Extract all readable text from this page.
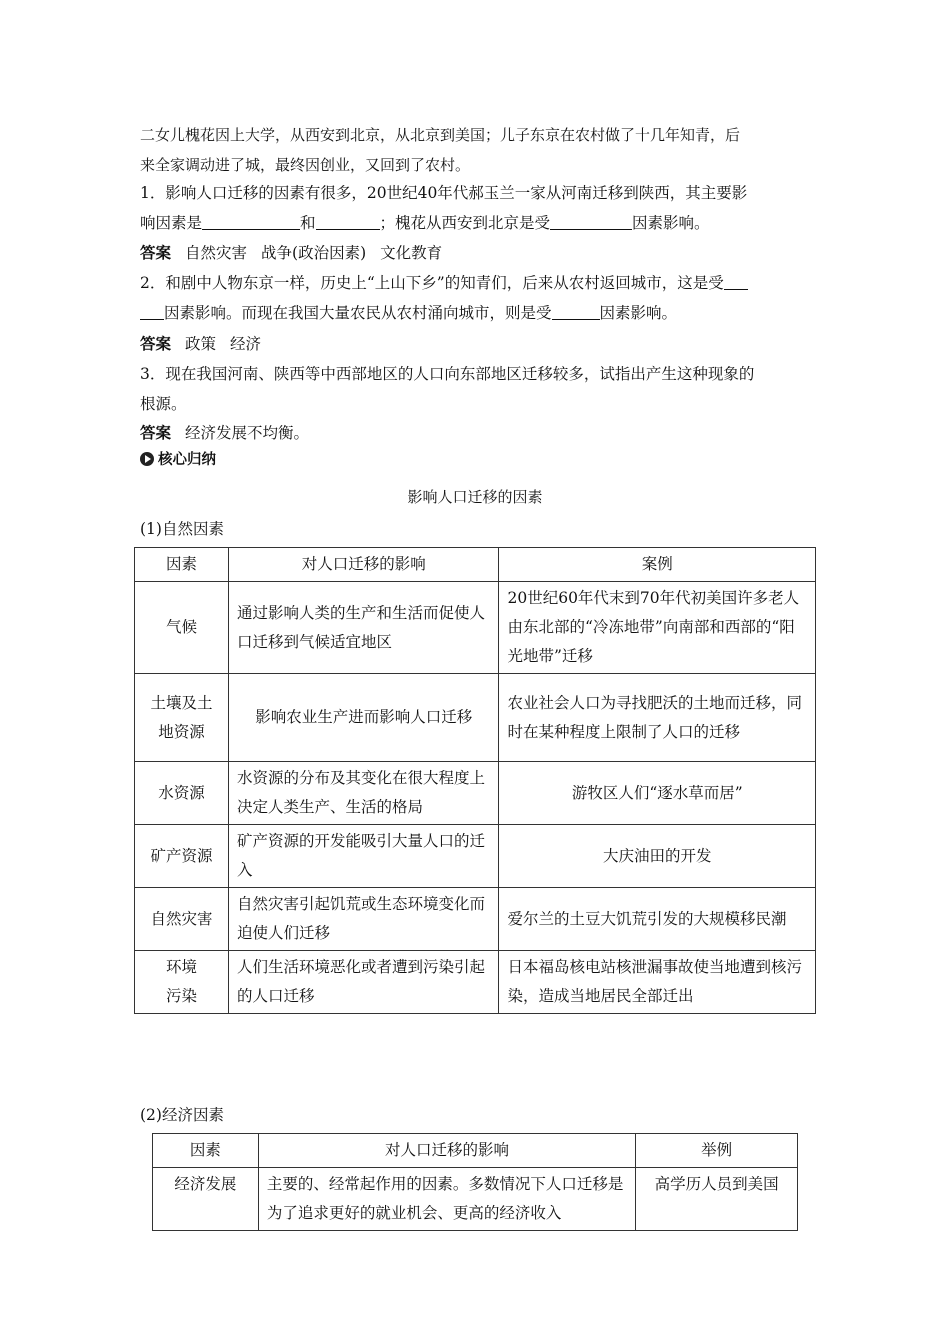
二女儿槐花因上大学，从西安到北京，从北京到美国；儿子东京在农村做了十几年知青，后
来全家调动进了城，最终因创业，又回到了农村。
1．影响人口迁移的因素有很多，20世纪40年代郝玉兰一家从河南迁移到陕西，其主要影
响因素是	和	；槐花从西安到北京是受	因素影响。
答案 自然灾害 战争(政治因素) 文化教育
2．和剧中人物东京一样，历史上“上山下乡”的知青们，后来从农村返回城市，这是受
因素影响。而现在我国大量农民从农村涌向城市，则是受	因素影响。
答案 政策 经济
3．现在我国河南、陕西等中西部地区的人口向东部地区迁移较多，试指出产生这种现象的
根源。
答案 经济发展不均衡。
核心归纳
影响人口迁移的因素
(1)自然因素
因素	对人口迁移的影响	案例
气候	通过影响人类的生产和生活而促使人口迁移到气候适宜地区	20世纪60年代末到70年代初美国许多老人由东北部的“冷冻地带”向南部和西部的“阳光地带”迁移
土壤及土地资源	影响农业生产进而影响人口迁移	农业社会人口为寻找肥沃的土地而迁移，同时在某种程度上限制了人口的迁移
水资源	水资源的分布及其变化在很大程度上决定人类生产、生活的格局	游牧区人们“逐水草而居”
矿产资源	矿产资源的开发能吸引大量人口的迁入	大庆油田的开发
自然灾害	自然灾害引起饥荒或生态环境变化而迫使人们迁移	爱尔兰的土豆大饥荒引发的大规模移民潮
环境污染	人们生活环境恶化或者遭到污染引起的人口迁移	日本福岛核电站核泄漏事故使当地遭到核污染，造成当地居民全部迁出
(2)经济因素
因素	对人口迁移的影响	举例
经济发展	主要的、经常起作用的因素。多数情况下人口迁移是为了追求更好的就业机会、更高的经济收入	高学历人员到美国
